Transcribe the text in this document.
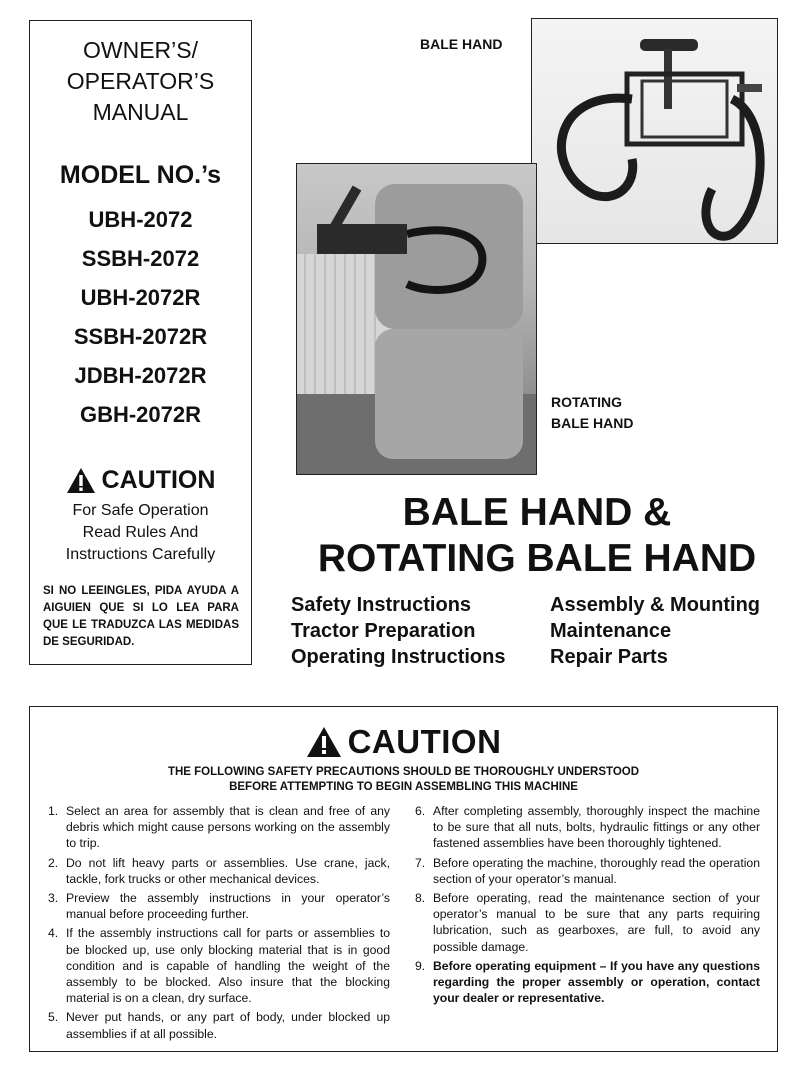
OWNER’S/
OPERATOR’S
MANUAL
MODEL NO.’s
UBH-2072
SSBH-2072
UBH-2072R
SSBH-2072R
JDBH-2072R
GBH-2072R
CAUTION
For Safe Operation
Read Rules And
Instructions Carefully
SI NO LEEINGLES, PIDA AYUDA A AIGUIEN QUE SI LO LEA PARA QUE LE TRADUZCA LAS MEDIDAS DE SEGURIDAD.
BALE HAND
ROTATING
BALE HAND
BALE HAND &
ROTATING BALE HAND
Safety Instructions
Tractor Preparation
Operating Instructions
Assembly & Mounting
Maintenance
Repair Parts
CAUTION
THE FOLLOWING SAFETY PRECAUTIONS SHOULD BE THOROUGHLY UNDERSTOOD
BEFORE ATTEMPTING TO BEGIN ASSEMBLING THIS MACHINE
1. Select an area for assembly that is clean and free of any debris which might cause persons working on the assembly to trip.
2. Do not lift heavy parts or assemblies. Use crane, jack, tackle, fork trucks or other mechanical devices.
3. Preview the assembly instructions in your operator’s manual before proceeding further.
4. If the assembly instructions call for parts or assemblies to be blocked up, use only blocking material that is in good condition and is capable of handling the weight of the assembly to be blocked. Also insure that the blocking material is on a clean, dry surface.
5. Never put hands, or any part of body, under blocked up assemblies if at all possible.
6. After completing assembly, thoroughly inspect the machine to be sure that all nuts, bolts, hydraulic fittings or any other fastened assemblies have been thoroughly tightened.
7. Before operating the machine, thoroughly read the operation section of your operator’s manual.
8. Before operating, read the maintenance section of your operator’s manual to be sure that any parts requiring lubrication, such as gearboxes, are full, to avoid any possible damage.
9. Before operating equipment – If you have any questions regarding the proper assembly or operation, contact your dealer or representative.
